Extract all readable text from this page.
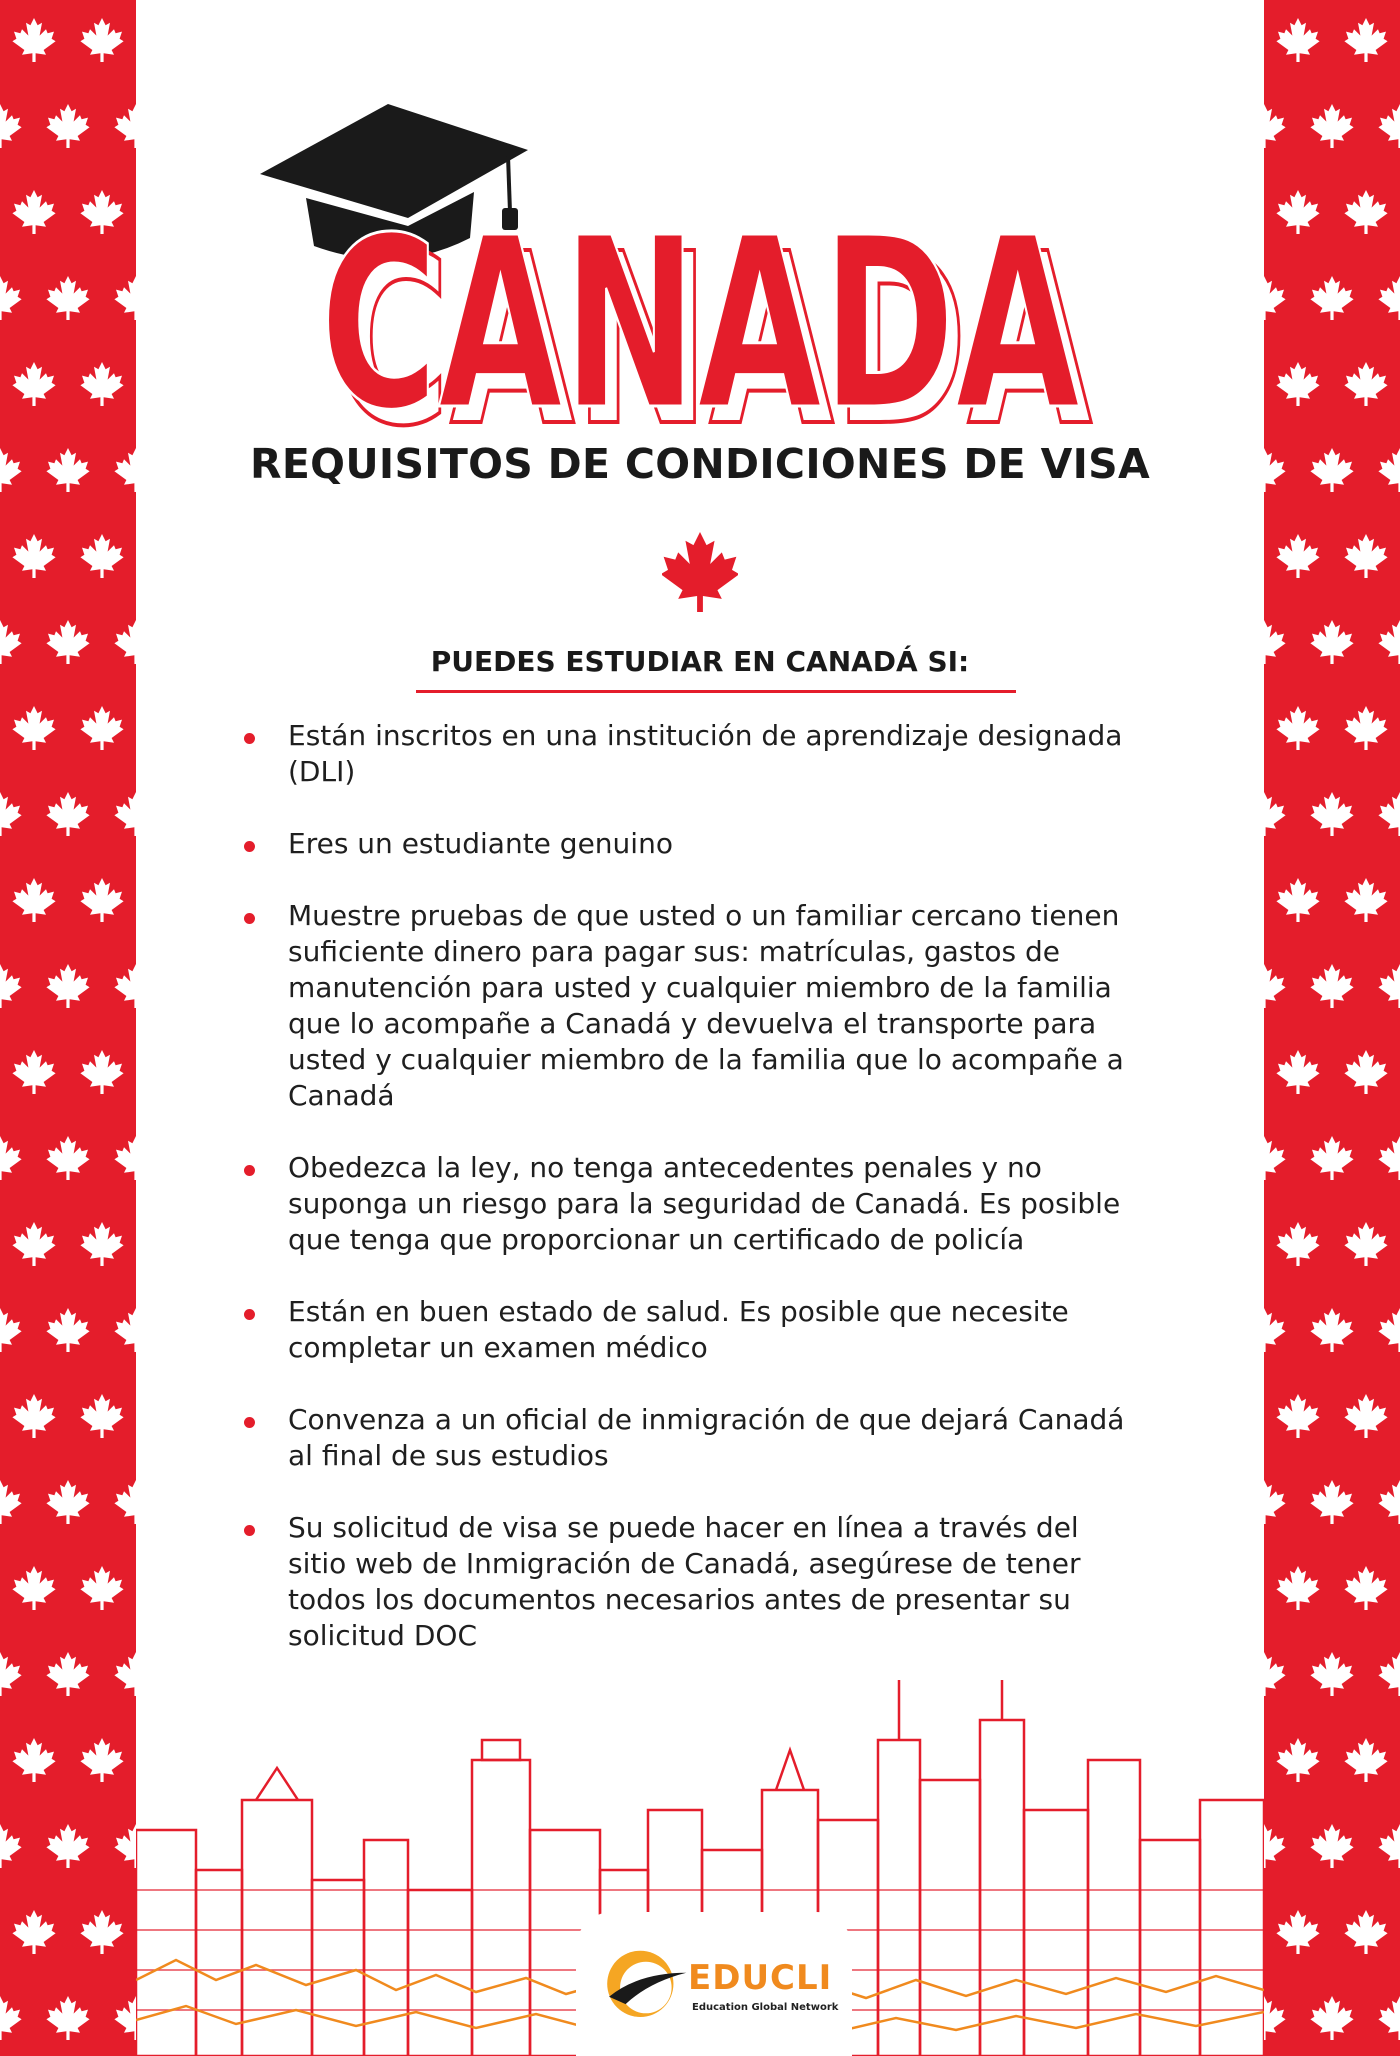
CANADA
CANADA
REQUISITOS DE CONDICIONES DE VISA
PUEDES ESTUDIAR EN CANADÁ SI:
Están inscritos en una institución de aprendizaje designada (DLI)
Eres un estudiante genuino
Muestre pruebas de que usted o un familiar cercano tienen suficiente dinero para pagar sus: matrículas, gastos de manutención para usted y cualquier miembro de la familia que lo acompañe a Canadá y devuelva el transporte para usted y cualquier miembro de la familia que lo acompañe a Canadá
Obedezca la ley, no tenga antecedentes penales y no suponga un riesgo para la seguridad de Canadá. Es posible que tenga que proporcionar un certificado de policía
Están en buen estado de salud. Es posible que necesite completar un examen médico
Convenza a un oficial de inmigración de que dejará Canadá al final de sus estudios
Su solicitud de visa se puede hacer en línea a través del sitio web de Inmigración de Canadá, asegúrese de tener todos los documentos necesarios antes de presentar su solicitud DOC
EDUCLI
Education Global Network
